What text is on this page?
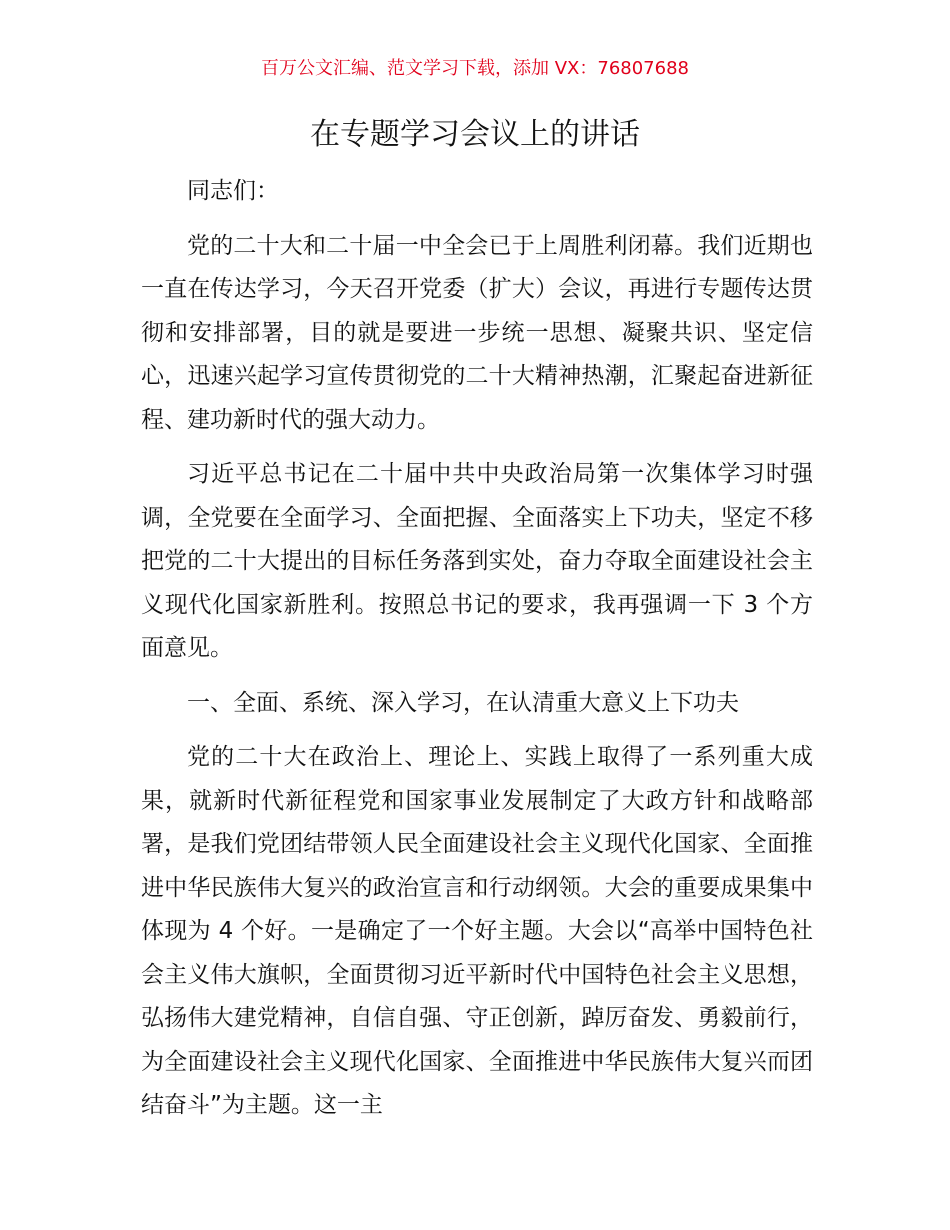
百万公文汇编、范文学习下载，添加 VX：76807688
在专题学习会议上的讲话

同志们：

党的二十大和二十届一中全会已于上周胜利闭幕。我们近期也一直在传达学习，今天召开党委（扩大）会议，再进行专题传达贯彻和安排部署，目的就是要进一步统一思想、凝聚共识、坚定信心，迅速兴起学习宣传贯彻党的二十大精神热潮，汇聚起奋进新征程、建功新时代的强大动力。

习近平总书记在二十届中共中央政治局第一次集体学习时强调，全党要在全面学习、全面把握、全面落实上下功夫，坚定不移把党的二十大提出的目标任务落到实处，奋力夺取全面建设社会主义现代化国家新胜利。按照总书记的要求，我再强调一下 3 个方面意见。

一、全面、系统、深入学习，在认清重大意义上下功夫

党的二十大在政治上、理论上、实践上取得了一系列重大成果，就新时代新征程党和国家事业发展制定了大政方针和战略部署，是我们党团结带领人民全面建设社会主义现代化国家、全面推进中华民族伟大复兴的政治宣言和行动纲领。大会的重要成果集中体现为 4 个好。一是确定了一个好主题。大会以“高举中国特色社会主义伟大旗帜，全面贯彻习近平新时代中国特色社会主义思想，弘扬伟大建党精神，自信自强、守正创新，踔厉奋发、勇毅前行，为全面建设社会主义现代化国家、全面推进中华民族伟大复兴而团结奋斗”为主题。这一主
